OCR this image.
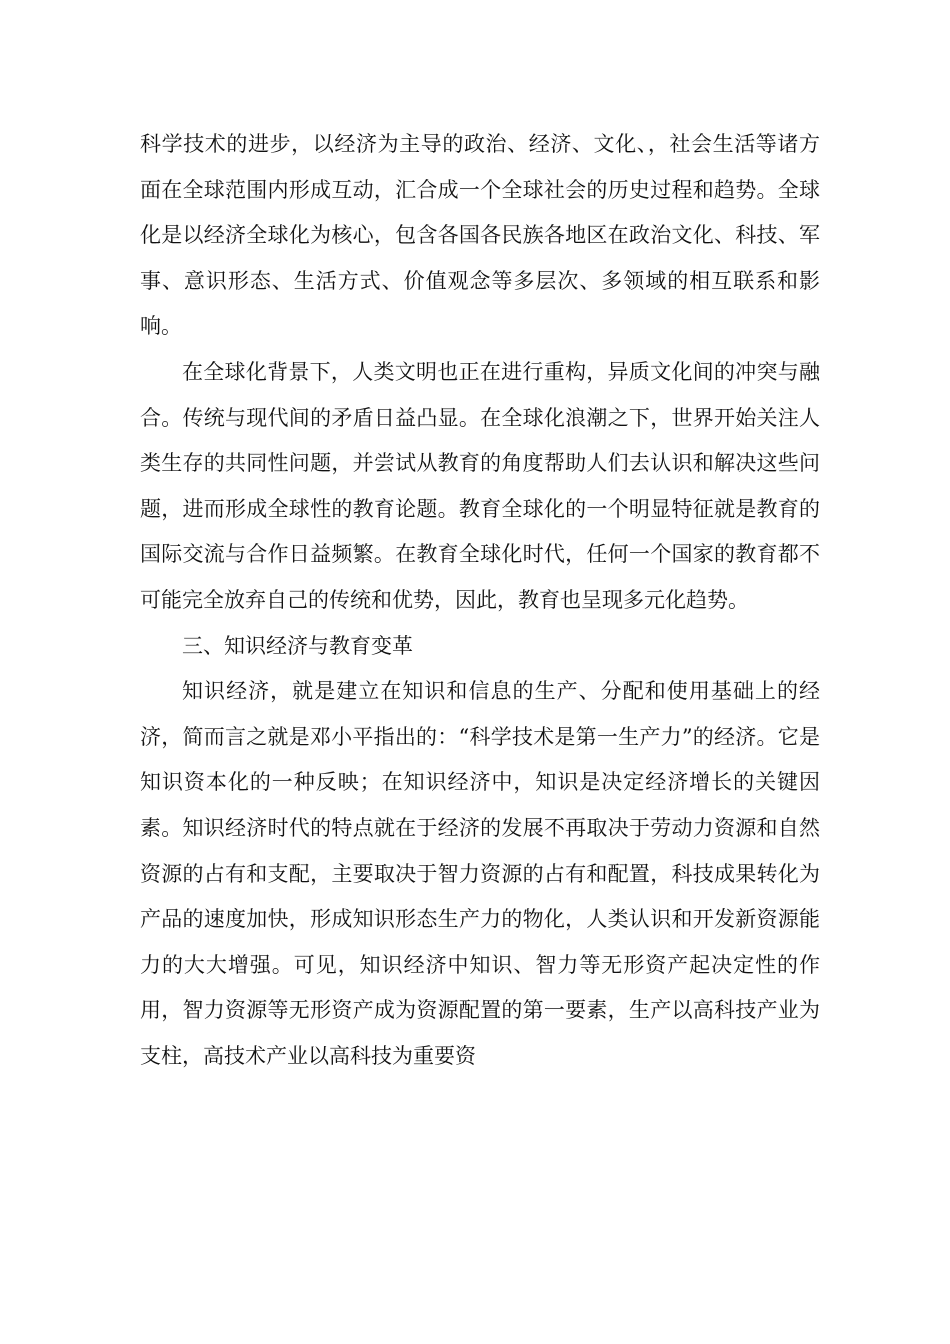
科学技术的进步，以经济为主导的政治、经济、文化、，社会生活等诸方面在全球范围内形成互动，汇合成一个全球社会的历史过程和趋势。全球化是以经济全球化为核心，包含各国各民族各地区在政治文化、科技、军事、意识形态、生活方式、价值观念等多层次、多领域的相互联系和影响。

在全球化背景下，人类文明也正在进行重构，异质文化间的冲突与融合。传统与现代间的矛盾日益凸显。在全球化浪潮之下，世界开始关注人类生存的共同性问题，并尝试从教育的角度帮助人们去认识和解决这些问题，进而形成全球性的教育论题。教育全球化的一个明显特征就是教育的国际交流与合作日益频繁。在教育全球化时代，任何一个国家的教育都不可能完全放弃自己的传统和优势，因此，教育也呈现多元化趋势。

三、知识经济与教育变革

知识经济，就是建立在知识和信息的生产、分配和使用基础上的经济，简而言之就是邓小平指出的：“科学技术是第一生产力”的经济。它是知识资本化的一种反映；在知识经济中，知识是决定经济增长的关键因素。知识经济时代的特点就在于经济的发展不再取决于劳动力资源和自然资源的占有和支配，主要取决于智力资源的占有和配置，科技成果转化为产品的速度加快，形成知识形态生产力的物化，人类认识和开发新资源能力的大大增强。可见，知识经济中知识、智力等无形资产起决定性的作用，智力资源等无形资产成为资源配置的第一要素，生产以高科技产业为支柱，高技术产业以高科技为重要资
